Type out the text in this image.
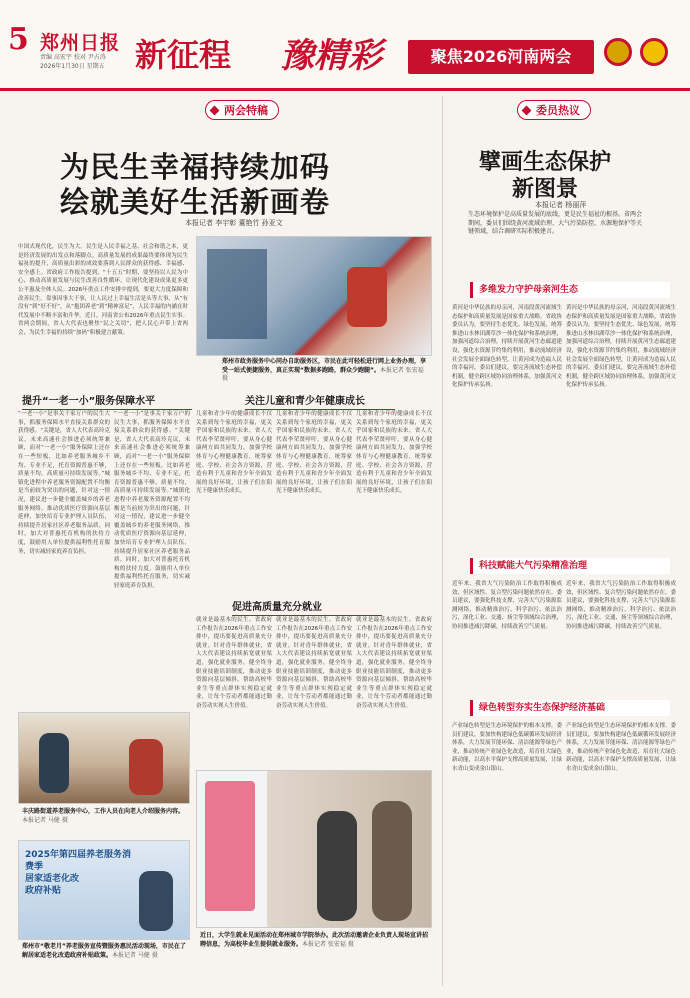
5 郑州日报
责编 高宏宇 校对 尹占涛
2026年1月30日 星期五 新征程 豫精彩	聚焦2026河南两会
两会特稿
为民生幸福持续加码
绘就美好生活新画卷
本报记者 李宇彰 董艳竹 孙亚文
中国式现代化，民生为大。民生是人民幸福之基、社会和谐之本，更是经济发展的出发点和落脚点。高质量发展的成果最终要体现为民生福祉的提升，高质量出彩的成效要落到人民群众的获得感、幸福感、安全感上。省政府工作报告提到，“十五五”时期，要坚持以人民为中心，推动高质量发展与民生改善良性循环，让现代化建设成果更多更公平惠及全体人民。2026年重点工作安排中提到，要更大力度保障和改善民生。靠事因事大于事，让人民过上幸福生活是头等大事。从“有没有”到“好不好”，从“抱团养老”到“精神富足”，人民幸福的内涵在时代发展中不断丰富和升华。近日，河南省公布2026年重点民生实事。省两会期间，省人大代表也聚焦“民之关切”，把人民心声带上省两会，为民生幸福的持续“加码”积极建言献策。
郑州市政务服务中心同办自助服务区，市民在此可轻松进行网上业务办理，享受一站式便捷服务，真正实现“数据多跑路，群众少跑腿”。本报记者 张宏福 摄
提升“一老一小”服务保障水平
“一老一小”是事关千家万户的民生大事，抓服务保障水平直接关系群众的获得感。“关键是，省人大代表高玲克议，未来高速社会推进必须统筹兼顾，而对“一老一小”服务保障上还存在一些短板，比如养老服务城乡不均、专业不足，托育资源普惠不够，质量不均，高质量可持续发展等。”城镇化进程中养老服务资源配置不均衡是当前较为突出的问题，针对这一情况，建议进一步健全覆盖城乡的养老服务网络，推动优质医疗资源向基层延伸，加快培育专业护理人员队伍，持续提升居家社区养老服务品质。同时，加大对普惠托育机构的扶持力度，鼓励用人单位提供福利性托育服务，切实减轻家庭养育负担。
“一老一小”是事关千家万户的民生大事，抓服务保障水平直接关系群众的获得感。“关键是，省人大代表高玲克议，未来高速社会推进必须统筹兼顾，而对“一老一小”服务保障上还存在一些短板，比如养老服务城乡不均、专业不足，托育资源普惠不够，质量不均，高质量可持续发展等。”城镇化进程中养老服务资源配置不均衡是当前较为突出的问题，针对这一情况，建议进一步健全覆盖城乡的养老服务网络，推动优质医疗资源向基层延伸，加快培育专业护理人员队伍，持续提升居家社区养老服务品质。同时，加大对普惠托育机构的扶持力度，鼓励用人单位提供福利性托育服务，切实减轻家庭养育负担。
关注儿童和青少年健康成长
儿童和青少年的健康成长不仅关系到每个家庭的幸福，更关乎国家和民族的未来。省人大代表李荣贤呼吁，要从身心健康两方面共同发力，加强学校体育与心理健康教育，统筹家庭、学校、社会各方资源，营造有利于儿童和青少年全面发展的良好环境，让孩子们在阳光下健康快乐成长。
儿童和青少年的健康成长不仅关系到每个家庭的幸福，更关乎国家和民族的未来。省人大代表李荣贤呼吁，要从身心健康两方面共同发力，加强学校体育与心理健康教育，统筹家庭、学校、社会各方资源，营造有利于儿童和青少年全面发展的良好环境，让孩子们在阳光下健康快乐成长。
儿童和青少年的健康成长不仅关系到每个家庭的幸福，更关乎国家和民族的未来。省人大代表李荣贤呼吁，要从身心健康两方面共同发力，加强学校体育与心理健康教育，统筹家庭、学校、社会各方资源，营造有利于儿童和青少年全面发展的良好环境，让孩子们在阳光下健康快乐成长。
促进高质量充分就业
就业是最基本的民生。省政府工作报告在2026年重点工作安排中，提出要促进高质量充分就业。针对青年群体就业，省人大代表建议持续拓宽就业渠道，强化就业服务，健全终身职业技能培训制度，推动更多资源向基层倾斜，帮助高校毕业生等重点群体实现稳定就业，让每个劳动者都能通过勤奋劳动实现人生价值。
就业是最基本的民生。省政府工作报告在2026年重点工作安排中，提出要促进高质量充分就业。针对青年群体就业，省人大代表建议持续拓宽就业渠道，强化就业服务，健全终身职业技能培训制度，推动更多资源向基层倾斜，帮助高校毕业生等重点群体实现稳定就业，让每个劳动者都能通过勤奋劳动实现人生价值。
就业是最基本的民生。省政府工作报告在2026年重点工作安排中，提出要促进高质量充分就业。针对青年群体就业，省人大代表建议持续拓宽就业渠道，强化就业服务，健全终身职业技能培训制度，推动更多资源向基层倾斜，帮助高校毕业生等重点群体实现稳定就业，让每个劳动者都能通过勤奋劳动实现人生价值。
丰庆路街道养老服务中心，工作人员在向老人介绍服务内容。本报记者 马健 摄
2025年第四届养老服务消费季
居家适老化改
政府补贴
郑州市“敬老月”养老服务宣传暨服务惠民活动现场，市民在了解居家适老化改造政府补贴政策。本报记者 马健 摄
近日，大学生就业见面活动在郑州城市学院举办。此次活动邀请企业负责人现场宣讲招聘信息，为高校毕业生提供就业服务。本报记者 张宏福 摄
委员热议
擘画生态保护
新图景
本报记者 杨丽萍
生态环境保护是高质量发展的底线，更是民生福祉的根基。省两会期间，委员们围绕黄河流域治理、大气污染防控、水源地保护等关键领域，结合调研实际积极建言。
多维发力守护母亲河生态
黄河是中华民族的母亲河，河南段黄河流域生态保护和高质量发展是国家重大战略。省政协委员认为，要坚持生态优先、绿色发展，统筹推进山水林田湖草沙一体化保护和系统治理，加强河道综合治理，持续开展黄河生态廊道建设，强化水资源节约集约利用，推动流域经济社会发展全面绿色转型，让黄河成为造福人民的幸福河。委员们建议，要完善流域生态补偿机制，健全跨区域协同治理体系，加强黄河文化保护传承弘扬。
黄河是中华民族的母亲河，河南段黄河流域生态保护和高质量发展是国家重大战略。省政协委员认为，要坚持生态优先、绿色发展，统筹推进山水林田湖草沙一体化保护和系统治理，加强河道综合治理，持续开展黄河生态廊道建设，强化水资源节约集约利用，推动流域经济社会发展全面绿色转型，让黄河成为造福人民的幸福河。委员们建议，要完善流域生态补偿机制，健全跨区域协同治理体系，加强黄河文化保护传承弘扬。
科技赋能大气污染精准治理
近年来，我省大气污染防治工作取得积极成效，但区域性、复合型污染问题依然存在。委员建议，要强化科技支撑，完善大气污染源监测网络，推动精准治污、科学治污、依法治污，深化工业、交通、扬尘等领域综合治理，协同推进减污降碳，持续改善空气质量。
近年来，我省大气污染防治工作取得积极成效，但区域性、复合型污染问题依然存在。委员建议，要强化科技支撑，完善大气污染源监测网络，推动精准治污、科学治污、依法治污，深化工业、交通、扬尘等领域综合治理，协同推进减污降碳，持续改善空气质量。
绿色转型夯实生态保护经济基础
产业绿色转型是生态环境保护的根本支撑。委员们建议，要加快构建绿色低碳循环发展经济体系，大力发展节能环保、清洁能源等绿色产业，推动传统产业绿色化改造，培育壮大绿色新动能，以高水平保护支撑高质量发展，让绿水青山变成金山银山。
产业绿色转型是生态环境保护的根本支撑。委员们建议，要加快构建绿色低碳循环发展经济体系，大力发展节能环保、清洁能源等绿色产业，推动传统产业绿色化改造，培育壮大绿色新动能，以高水平保护支撑高质量发展，让绿水青山变成金山银山。
